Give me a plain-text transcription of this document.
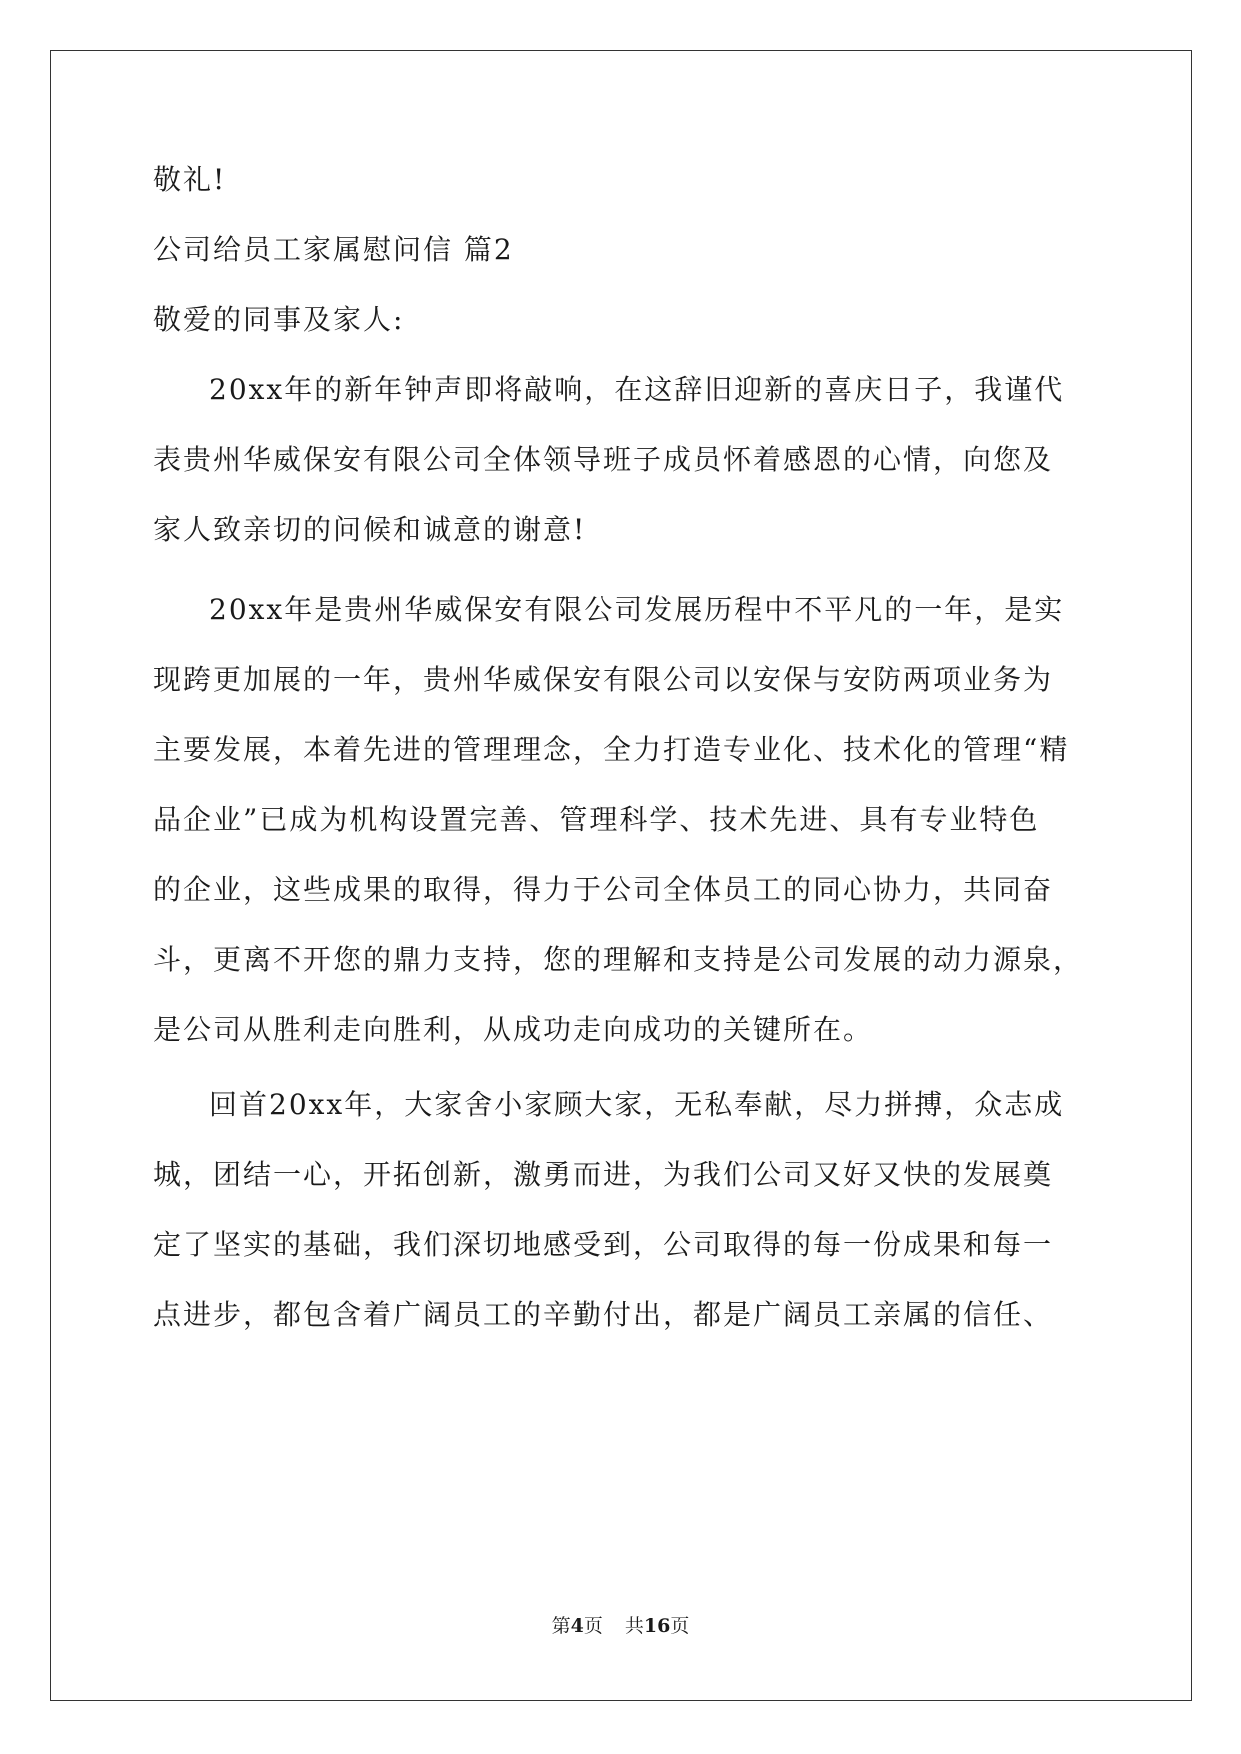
敬礼!
公司给员工家属慰问信 篇2
敬爱的同事及家人:
20xx年的新年钟声即将敲响，在这辞旧迎新的喜庆日子，我谨代
表贵州华威保安有限公司全体领导班子成员怀着感恩的心情，向您及
家人致亲切的问候和诚意的谢意!
20xx年是贵州华威保安有限公司发展历程中不平凡的一年，是实
现跨更加展的一年，贵州华威保安有限公司以安保与安防两项业务为
主要发展，本着先进的管理理念，全力打造专业化、技术化的管理“精
品企业”已成为机构设置完善、管理科学、技术先进、具有专业特色
的企业，这些成果的取得，得力于公司全体员工的同心协力，共同奋
斗，更离不开您的鼎力支持，您的理解和支持是公司发展的动力源泉，
是公司从胜利走向胜利，从成功走向成功的关键所在。
回首20xx年，大家舍小家顾大家，无私奉献，尽力拼搏，众志成
城，团结一心，开拓创新，激勇而进，为我们公司又好又快的发展奠
定了坚实的基础，我们深切地感受到，公司取得的每一份成果和每一
点进步，都包含着广阔员工的辛勤付出，都是广阔员工亲属的信任、
第4页 共16页
